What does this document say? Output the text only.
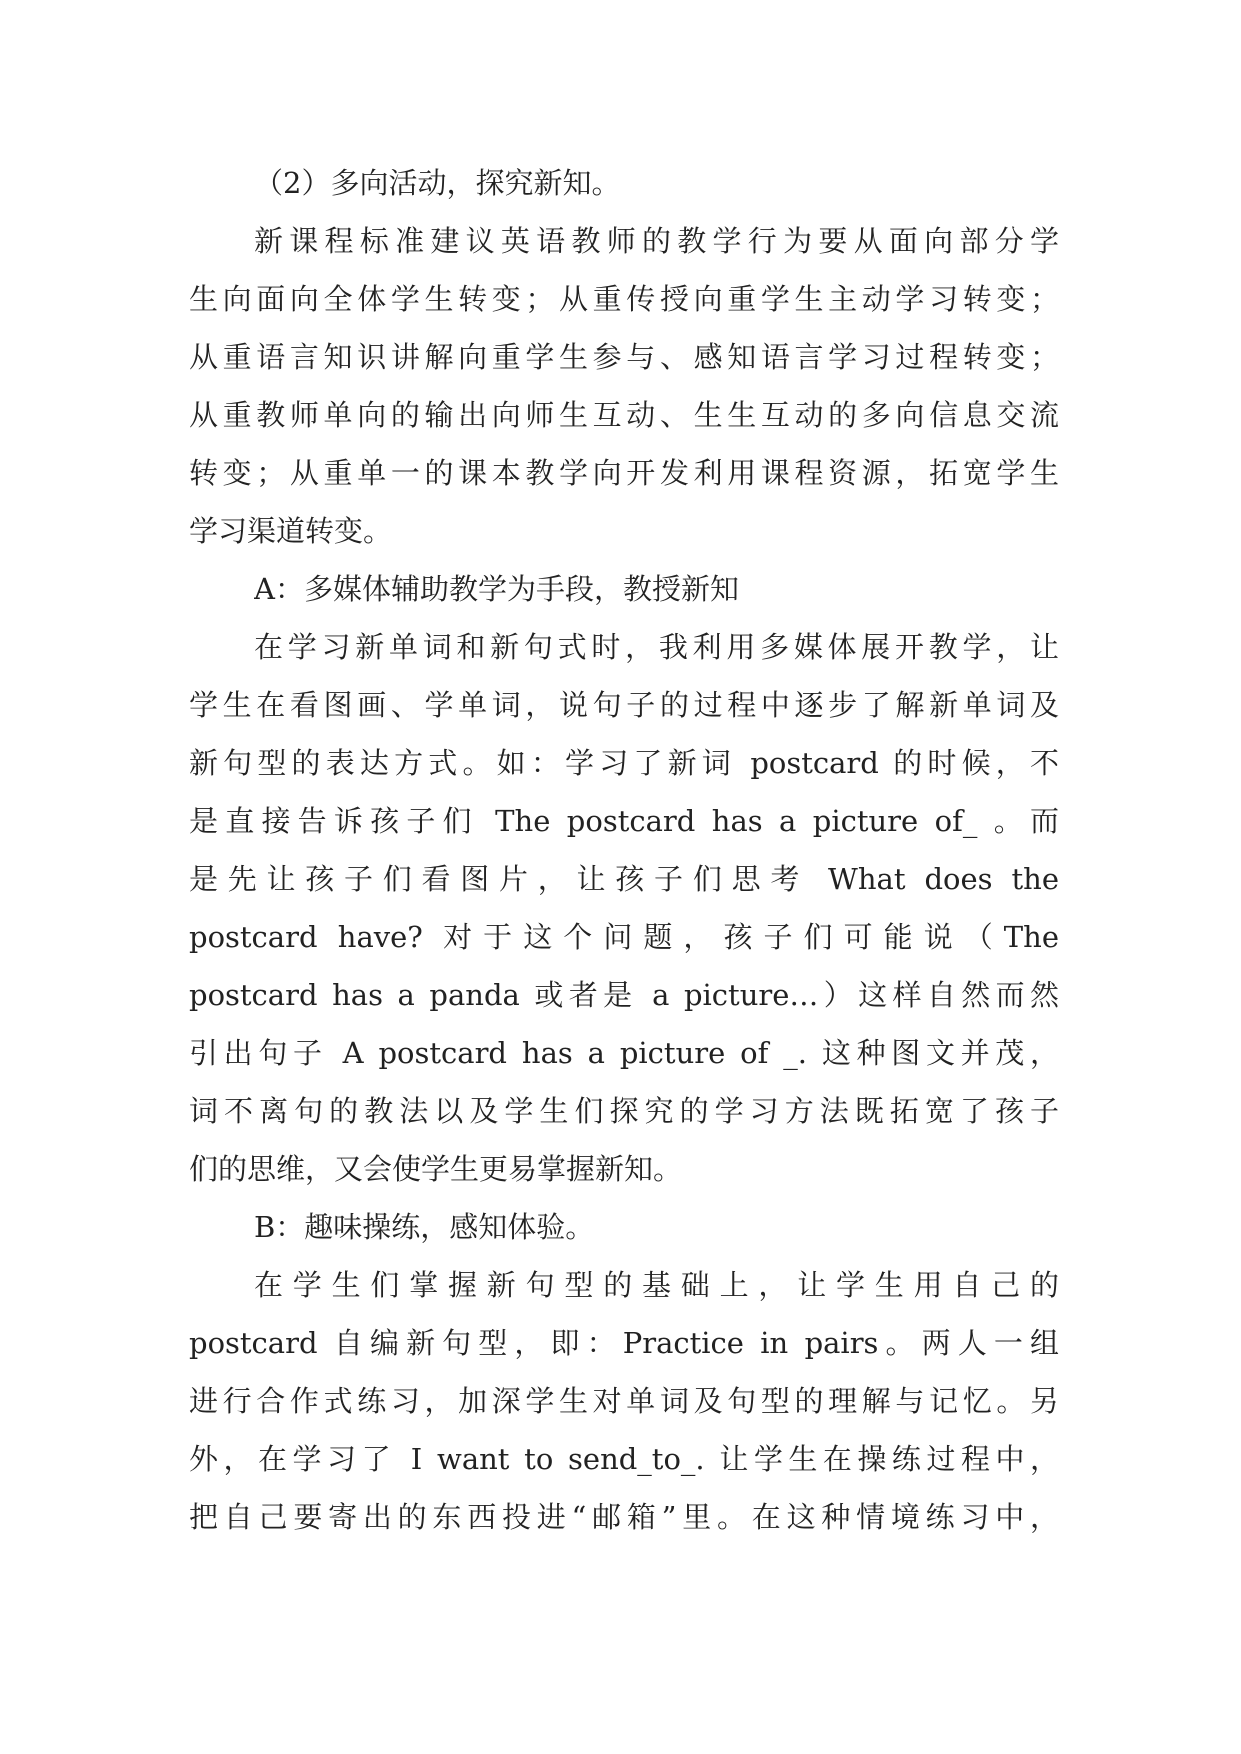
（2）多向活动，探究新知。
新课程标准建议英语教师的教学行为要从面向部分学
生向面向全体学生转变；从重传授向重学生主动学习转变；
从重语言知识讲解向重学生参与、感知语言学习过程转变；
从重教师单向的输出向师生互动、生生互动的多向信息交流
转变；从重单一的课本教学向开发利用课程资源，拓宽学生
学习渠道转变。
A：多媒体辅助教学为手段，教授新知
在学习新单词和新句式时，我利用多媒体展开教学，让
学生在看图画、学单词，说句子的过程中逐步了解新单词及
新句型的表达方式。如：学习了新词 postcard 的时候，不
是直接告诉孩子们 The postcard has a picture of_ 。而
是先让孩子们看图片，让孩子们思考 What does the
postcard have? 对于这个问题，孩子们可能说（The
postcard has a panda 或者是 a picture…）这样自然而然
引出句子 A postcard has a picture of _. 这种图文并茂，
词不离句的教法以及学生们探究的学习方法既拓宽了孩子
们的思维，又会使学生更易掌握新知。
B：趣味操练，感知体验。
在学生们掌握新句型的基础上，让学生用自己的
postcard 自编新句型，即：Practice in pairs。两人一组
进行合作式练习，加深学生对单词及句型的理解与记忆。另
外，在学习了 I want to send_to_. 让学生在操练过程中，
把自己要寄出的东西投进“邮箱”里。在这种情境练习中，
